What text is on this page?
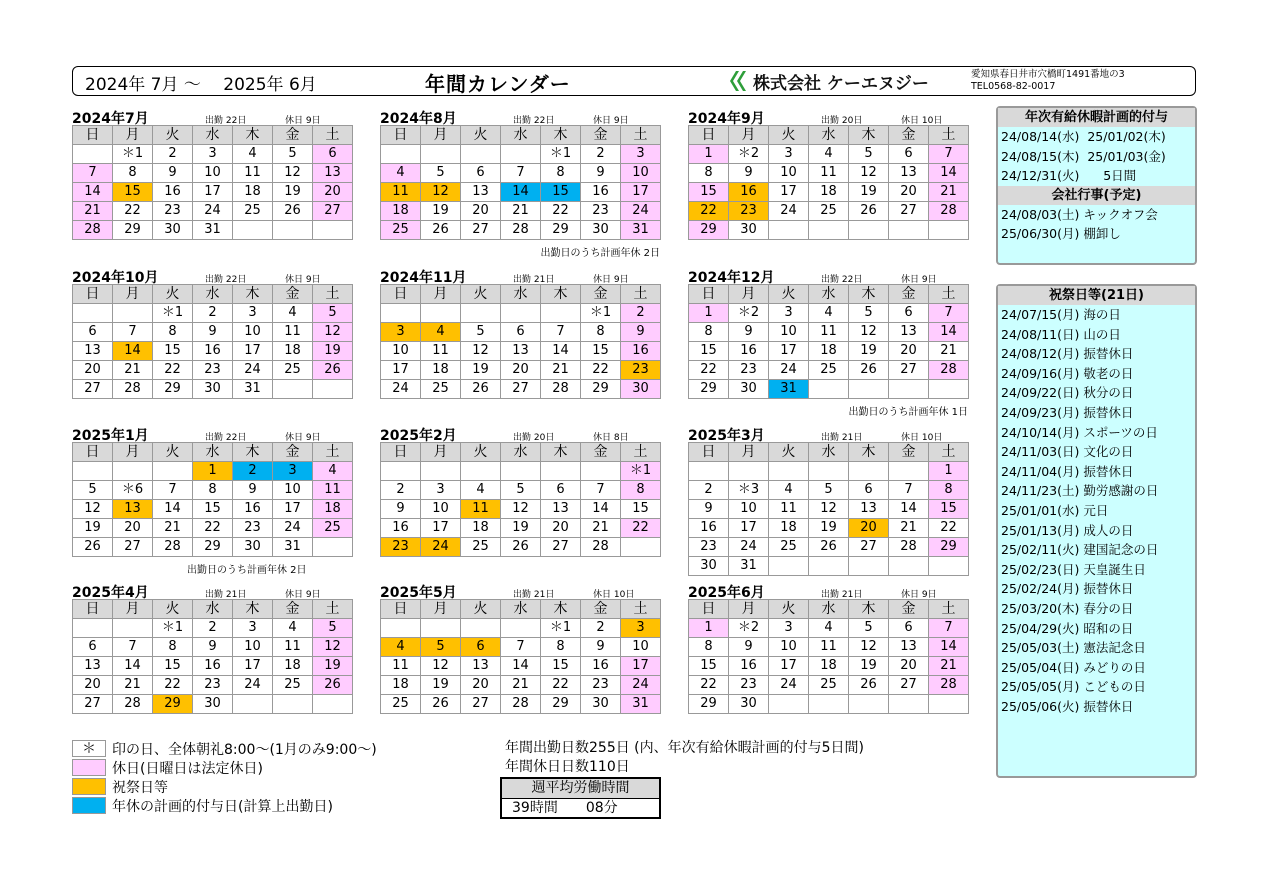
2024年 7月 ～　 2025年 6月	年間カレンダー	株式会社 ケーエヌジー	愛知県春日井市穴橋町1491番地の3
TEL0568-82-0017
2024年7月	出勤 22日	休日 9日
日	月	火	水	木	金	土
	＊1	2	3	4	5	6
7	8	9	10	11	12	13
14	15	16	17	18	19	20
21	22	23	24	25	26	27
28	29	30	31			
2024年8月	出勤 22日	休日 9日
日	月	火	水	木	金	土
				＊1	2	3
4	5	6	7	8	9	10
11	12	13	14	15	16	17
18	19	20	21	22	23	24
25	26	27	28	29	30	31
出勤日のうち計画年休 2日
2024年9月	出勤 20日	休日 10日
日	月	火	水	木	金	土
1	＊2	3	4	5	6	7
8	9	10	11	12	13	14
15	16	17	18	19	20	21
22	23	24	25	26	27	28
29	30					
2024年10月	出勤 22日	休日 9日
日	月	火	水	木	金	土
		＊1	2	3	4	5
6	7	8	9	10	11	12
13	14	15	16	17	18	19
20	21	22	23	24	25	26
27	28	29	30	31		
2024年11月	出勤 21日	休日 9日
日	月	火	水	木	金	土
					＊1	2
3	4	5	6	7	8	9
10	11	12	13	14	15	16
17	18	19	20	21	22	23
24	25	26	27	28	29	30
2024年12月	出勤 22日	休日 9日
日	月	火	水	木	金	土
1	＊2	3	4	5	6	7
8	9	10	11	12	13	14
15	16	17	18	19	20	21
22	23	24	25	26	27	28
29	30	31				
出勤日のうち計画年休 1日
2025年1月	出勤 22日	休日 9日
日	月	火	水	木	金	土
			1	2	3	4
5	＊6	7	8	9	10	11
12	13	14	15	16	17	18
19	20	21	22	23	24	25
26	27	28	29	30	31	
出勤日のうち計画年休 2日
2025年2月	出勤 20日	休日 8日
日	月	火	水	木	金	土
						＊1
2	3	4	5	6	7	8
9	10	11	12	13	14	15
16	17	18	19	20	21	22
23	24	25	26	27	28	
2025年3月	出勤 21日	休日 10日
日	月	火	水	木	金	土
						1
2	＊3	4	5	6	7	8
9	10	11	12	13	14	15
16	17	18	19	20	21	22
23	24	25	26	27	28	29
30	31					
2025年4月	出勤 21日	休日 9日
日	月	火	水	木	金	土
		＊1	2	3	4	5
6	7	8	9	10	11	12
13	14	15	16	17	18	19
20	21	22	23	24	25	26
27	28	29	30			
2025年5月	出勤 21日	休日 10日
日	月	火	水	木	金	土
				＊1	2	3
4	5	6	7	8	9	10
11	12	13	14	15	16	17
18	19	20	21	22	23	24
25	26	27	28	29	30	31
2025年6月	出勤 21日	休日 9日
日	月	火	水	木	金	土
1	＊2	3	4	5	6	7
8	9	10	11	12	13	14
15	16	17	18	19	20	21
22	23	24	25	26	27	28
29	30					
年次有給休暇計画的付与
24/08/14(水)  25/01/02(木)
24/08/15(木)  25/01/03(金)
24/12/31(火)      5日間
会社行事(予定)
24/08/03(土) キックオフ会
25/06/30(月) 棚卸し
祝祭日等(21日)
24/07/15(月) 海の日
24/08/11(日) 山の日
24/08/12(月) 振替休日
24/09/16(月) 敬老の日
24/09/22(日) 秋分の日
24/09/23(月) 振替休日
24/10/14(月) スポーツの日
24/11/03(日) 文化の日
24/11/04(月) 振替休日
24/11/23(土) 勤労感謝の日
25/01/01(水) 元日
25/01/13(月) 成人の日
25/02/11(火) 建国記念の日
25/02/23(日) 天皇誕生日
25/02/24(月) 振替休日
25/03/20(木) 春分の日
25/04/29(火) 昭和の日
25/05/03(土) 憲法記念日
25/05/04(日) みどりの日
25/05/05(月) こどもの日
25/05/06(火) 振替休日
＊	印の日、全体朝礼8:00～(1月のみ9:00～)
休日(日曜日は法定休日)
祝祭日等
年休の計画的付与日(計算上出勤日)
年間出勤日数255日 (内、年次有給休暇計画的付与5日間)
年間休日日数110日
週平均労働時間
39時間　　08分
